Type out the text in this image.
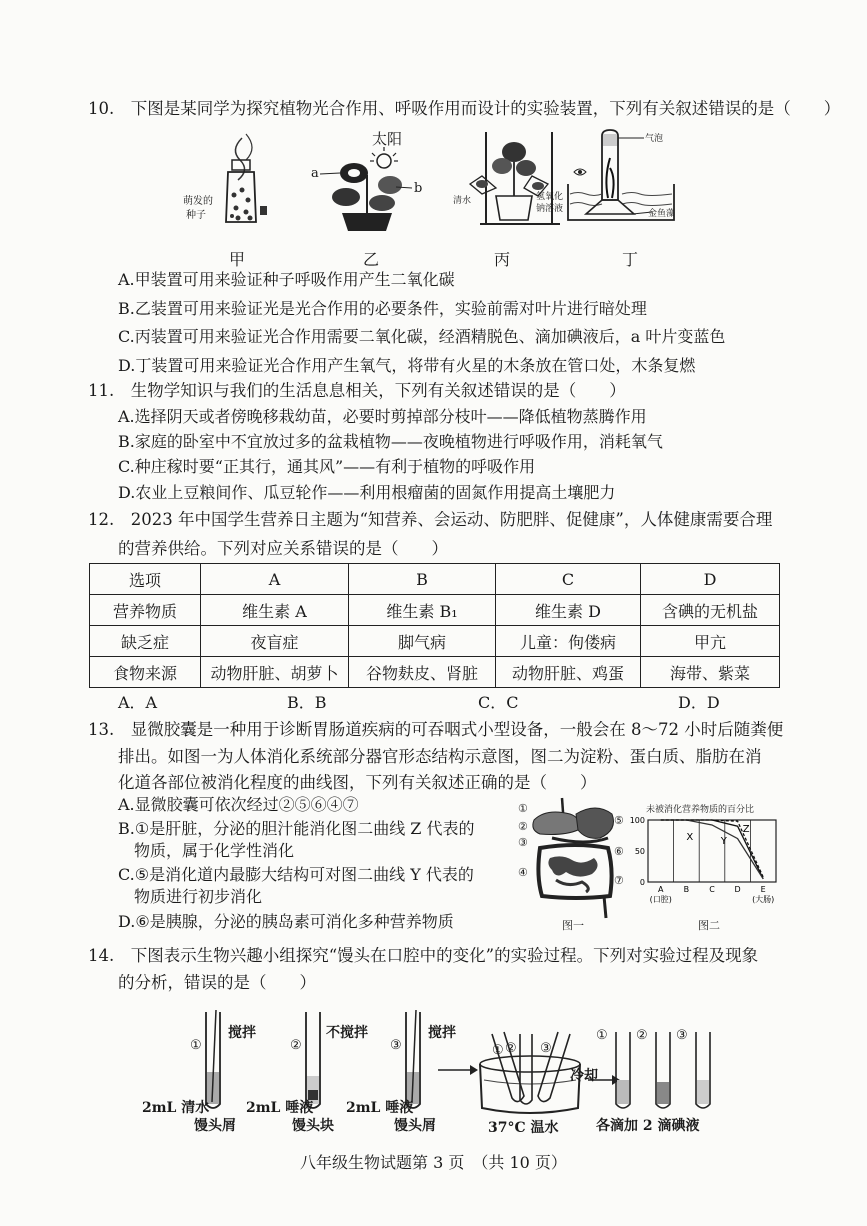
10.　下图是某同学为探究植物光合作用、呼吸作用而设计的实验装置，下列有关叙述错误的是（　　）
萌发的
种子
太阳
a
b
清水	氢氧化
钠溶液
气泡
金鱼藻
甲	乙	丙	丁
A.甲装置可用来验证种子呼吸作用产生二氧化碳
B.乙装置可用来验证光是光合作用的必要条件，实验前需对叶片进行暗处理
C.丙装置可用来验证光合作用需要二氧化碳，经酒精脱色、滴加碘液后，a 叶片变蓝色
D.丁装置可用来验证光合作用产生氧气，将带有火星的木条放在管口处，木条复燃
11.　生物学知识与我们的生活息息相关，下列有关叙述错误的是（　　）
A.选择阴天或者傍晚移栽幼苗，必要时剪掉部分枝叶——降低植物蒸腾作用
B.家庭的卧室中不宜放过多的盆栽植物——夜晚植物进行呼吸作用，消耗氧气
C.种庄稼时要“正其行，通其风”——有利于植物的呼吸作用
D.农业上豆粮间作、瓜豆轮作——利用根瘤菌的固氮作用提高土壤肥力
12.　2023 年中国学生营养日主题为“知营养、会运动、防肥胖、促健康”，人体健康需要合理
的营养供给。下列对应关系错误的是（　　）
选项	A	B	C	D
营养物质	维生素 A	维生素 B₁	维生素 D	含碘的无机盐
缺乏症	夜盲症	脚气病	儿童：佝偻病	甲亢
食物来源	动物肝脏、胡萝卜	谷物麸皮、肾脏	动物肝脏、鸡蛋	海带、紫菜
A．A	B．B	C．C	D．D
13.　显微胶囊是一种用于诊断胃肠道疾病的可吞咽式小型设备，一般会在 8～72 小时后随粪便
排出。如图一为人体消化系统部分器官形态结构示意图，图二为淀粉、蛋白质、脂肪在消
化道各部位被消化程度的曲线图，下列有关叙述正确的是（　　）
A.显微胶囊可依次经过②⑤⑥④⑦
B.①是肝脏，分泌的胆汁能消化图二曲线 Z 代表的
　物质，属于化学性消化
C.⑤是消化道内最膨大结构可对图二曲线 Y 代表的
　物质进行初步消化
D.⑥是胰腺，分泌的胰岛素可消化多种营养物质
①
②
③
④
⑤
⑥
⑦
图一
未被消化营养物质的百分比
0
50
100
A
(口腔)
B	C D E
(大肠)
X	Y
Z
图二
14.　下图表示生物兴趣小组探究“馒头在口腔中的变化”的实验过程。下列对实验过程及现象
的分析，错误的是（　　）
①	②	③	① ② ③
① ② ③
搅拌	不搅拌	搅拌
2mL 清水
馒头屑
2mL 唾液
馒头块
2mL 唾液
馒头屑	37°C 温水
冷却
各滴加 2 滴碘液
八年级生物试题第 3 页　（共 10 页）
